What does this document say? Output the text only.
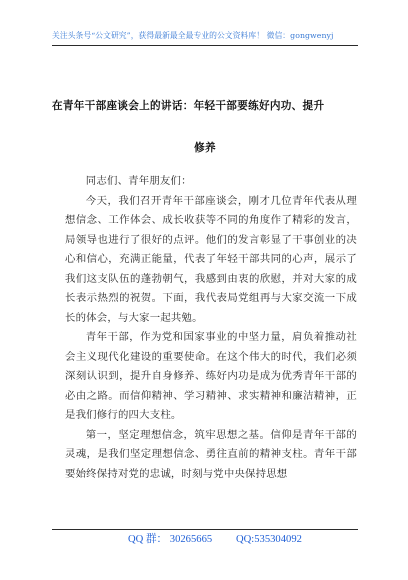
关注头条号“公文研究”，获得最新最全最专业的公文资料库！ 微信：gongwenyj
在青年干部座谈会上的讲话：年轻干部要练好内功、提升
修养

同志们、青年朋友们：

今天，我们召开青年干部座谈会，刚才几位青年代表从理想信念、工作体会、成长收获等不同的角度作了精彩的发言，局领导也进行了很好的点评。他们的发言彰显了干事创业的决心和信心，充满正能量，代表了年轻干部共同的心声，展示了我们这支队伍的蓬勃朝气，我感到由衷的欣慰，并对大家的成长表示热烈的祝贺。下面，我代表局党组再与大家交流一下成长的体会，与大家一起共勉。

青年干部，作为党和国家事业的中坚力量，肩负着推动社会主义现代化建设的重要使命。在这个伟大的时代，我们必须深刻认识到，提升自身修养、练好内功是成为优秀青年干部的必由之路。而信仰精神、学习精神、求实精神和廉洁精神，正是我们修行的四大支柱。

第一，坚定理想信念，筑牢思想之基。信仰是青年干部的灵魂，是我们坚定理想信念、勇往直前的精神支柱。青年干部要始终保持对党的忠诚，时刻与党中央保持思想

QQ 群： 30265665 QQ:535304092
